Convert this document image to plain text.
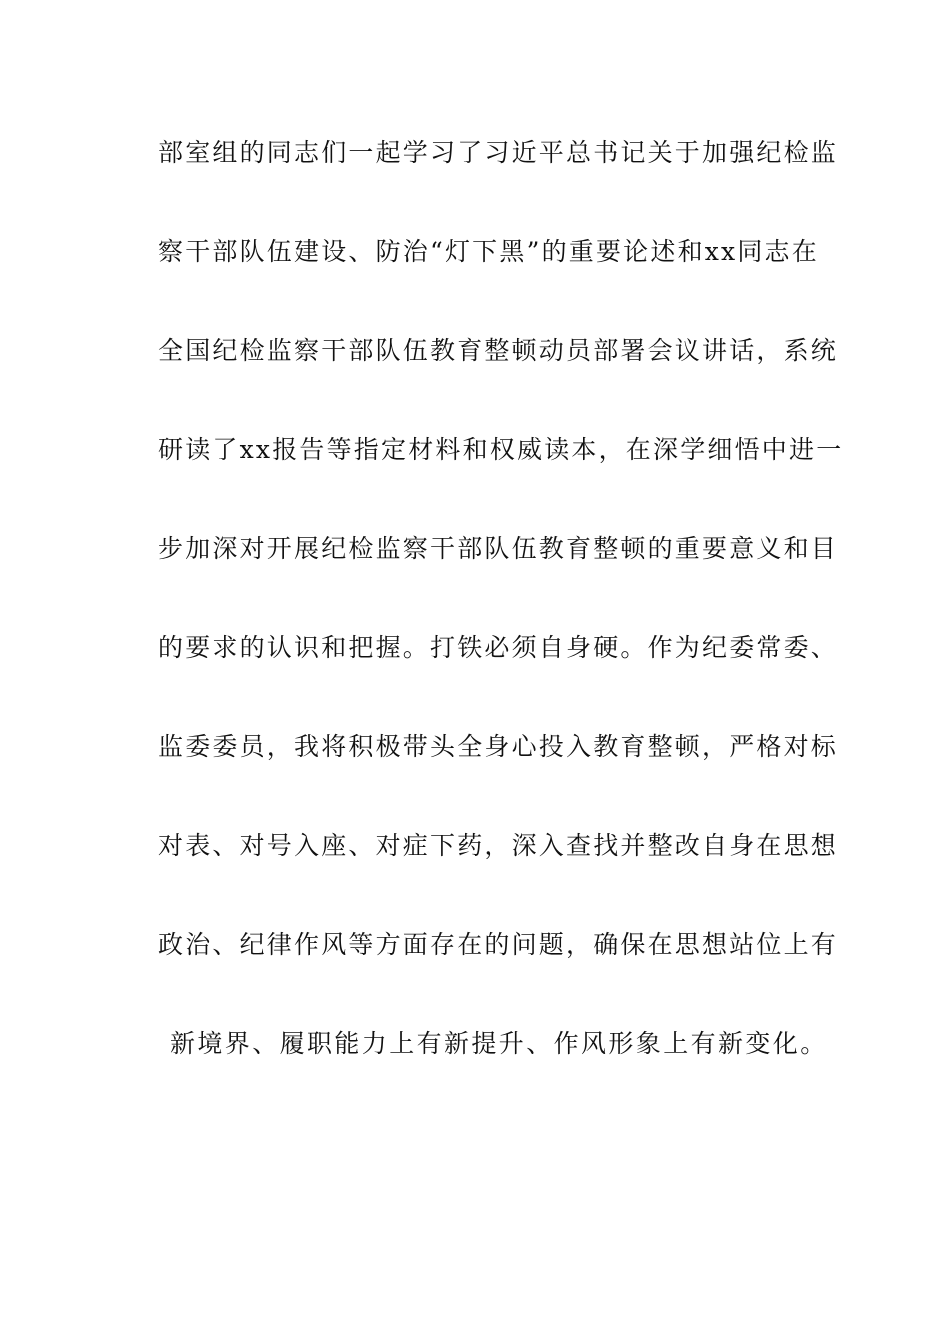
部室组的同志们一起学习了习近平总书记关于加强纪检监
察干部队伍建设、防治“灯下黑”的重要论述和xx同志在
全国纪检监察干部队伍教育整顿动员部署会议讲话，系统
研读了xx报告等指定材料和权威读本，在深学细悟中进一
步加深对开展纪检监察干部队伍教育整顿的重要意义和目
的要求的认识和把握。打铁必须自身硬。作为纪委常委、
监委委员，我将积极带头全身心投入教育整顿，严格对标
对表、对号入座、对症下药，深入查找并整改自身在思想
政治、纪律作风等方面存在的问题，确保在思想站位上有
新境界、履职能力上有新提升、作风形象上有新变化。
